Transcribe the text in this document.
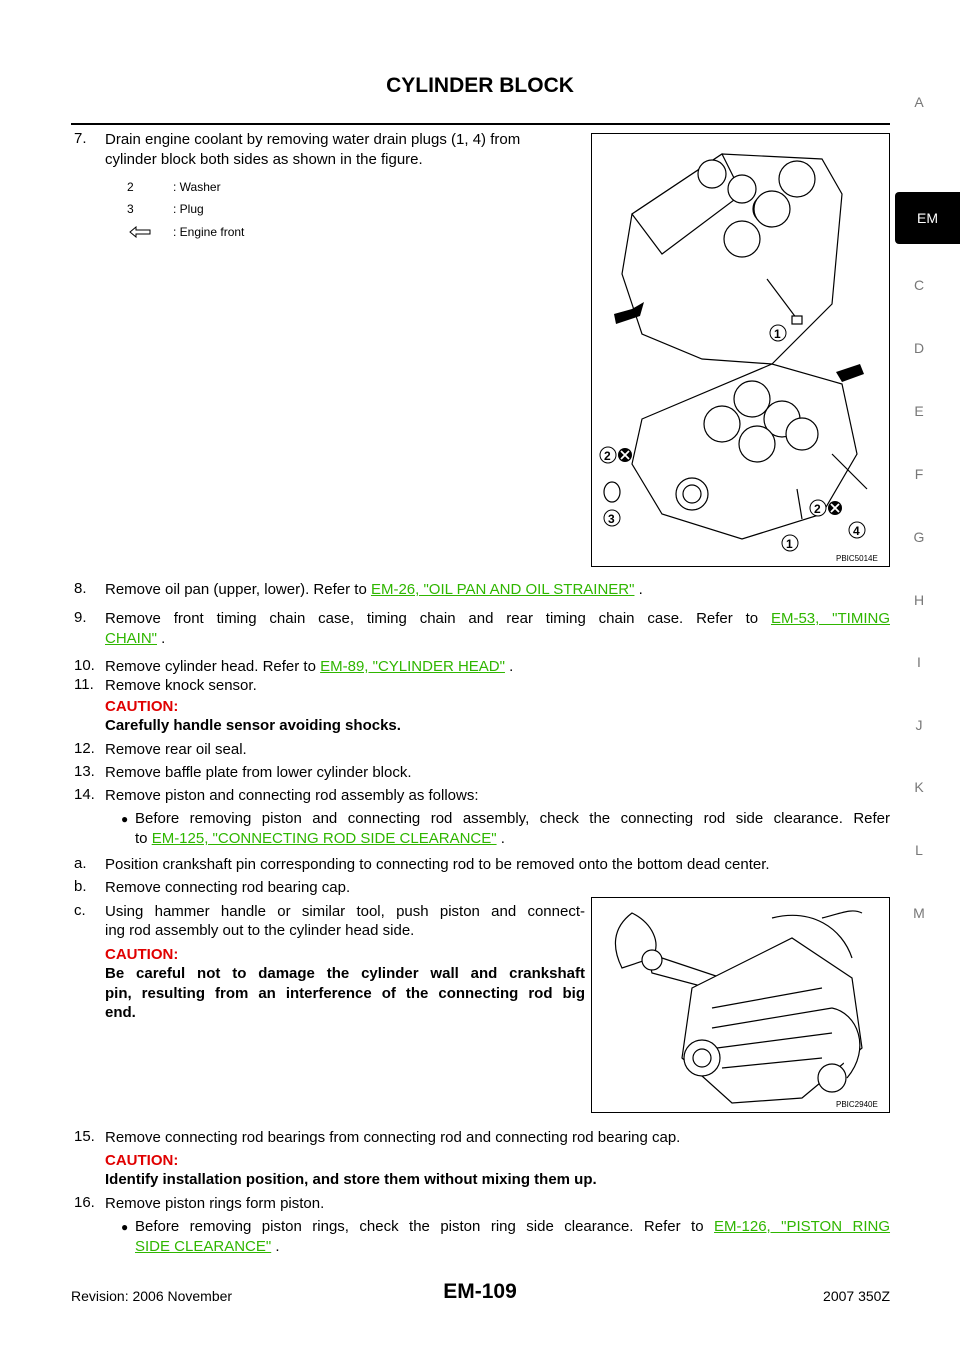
CYLINDER BLOCK
A
EM
C
D
E
F
G
H
I
J
K
L
M
7. Drain engine coolant by removing water drain plugs (1, 4) from
cylinder block both sides as shown in the figure.
1
1
2
2
3
4
PBIC5014E
2	: Washer
3	: Plug
: Engine front
8. Remove oil pan (upper, lower). Refer to EM-26, "OIL PAN AND OIL STRAINER" .
9. Remove front timing chain case, timing chain and rear timing chain case. Refer to EM-53, "TIMING
CHAIN" .
10. Remove cylinder head. Refer to EM-89, "CYLINDER HEAD" .
11. Remove knock sensor.
CAUTION:
Carefully handle sensor avoiding shocks.
12. Remove rear oil seal.
13. Remove baffle plate from lower cylinder block.
14. Remove piston and connecting rod assembly as follows:
● Before removing piston and connecting rod assembly, check the connecting rod side clearance. Refer
to EM-125, "CONNECTING ROD SIDE CLEARANCE" .
a. Position crankshaft pin corresponding to connecting rod to be removed onto the bottom dead center.
b. Remove connecting rod bearing cap.
c. Using hammer handle or similar tool, push piston and connect-
ing rod assembly out to the cylinder head side.
CAUTION:
Be careful not to damage the cylinder wall and crankshaft
pin, resulting from an interference of the connecting rod big
end.
PBIC2940E
15. Remove connecting rod bearings from connecting rod and connecting rod bearing cap.
CAUTION:
Identify installation position, and store them without mixing them up.
16. Remove piston rings form piston.
● Before removing piston rings, check the piston ring side clearance. Refer to EM-126, "PISTON RING
SIDE CLEARANCE" .
Revision: 2006 November	EM-109	2007 350Z
